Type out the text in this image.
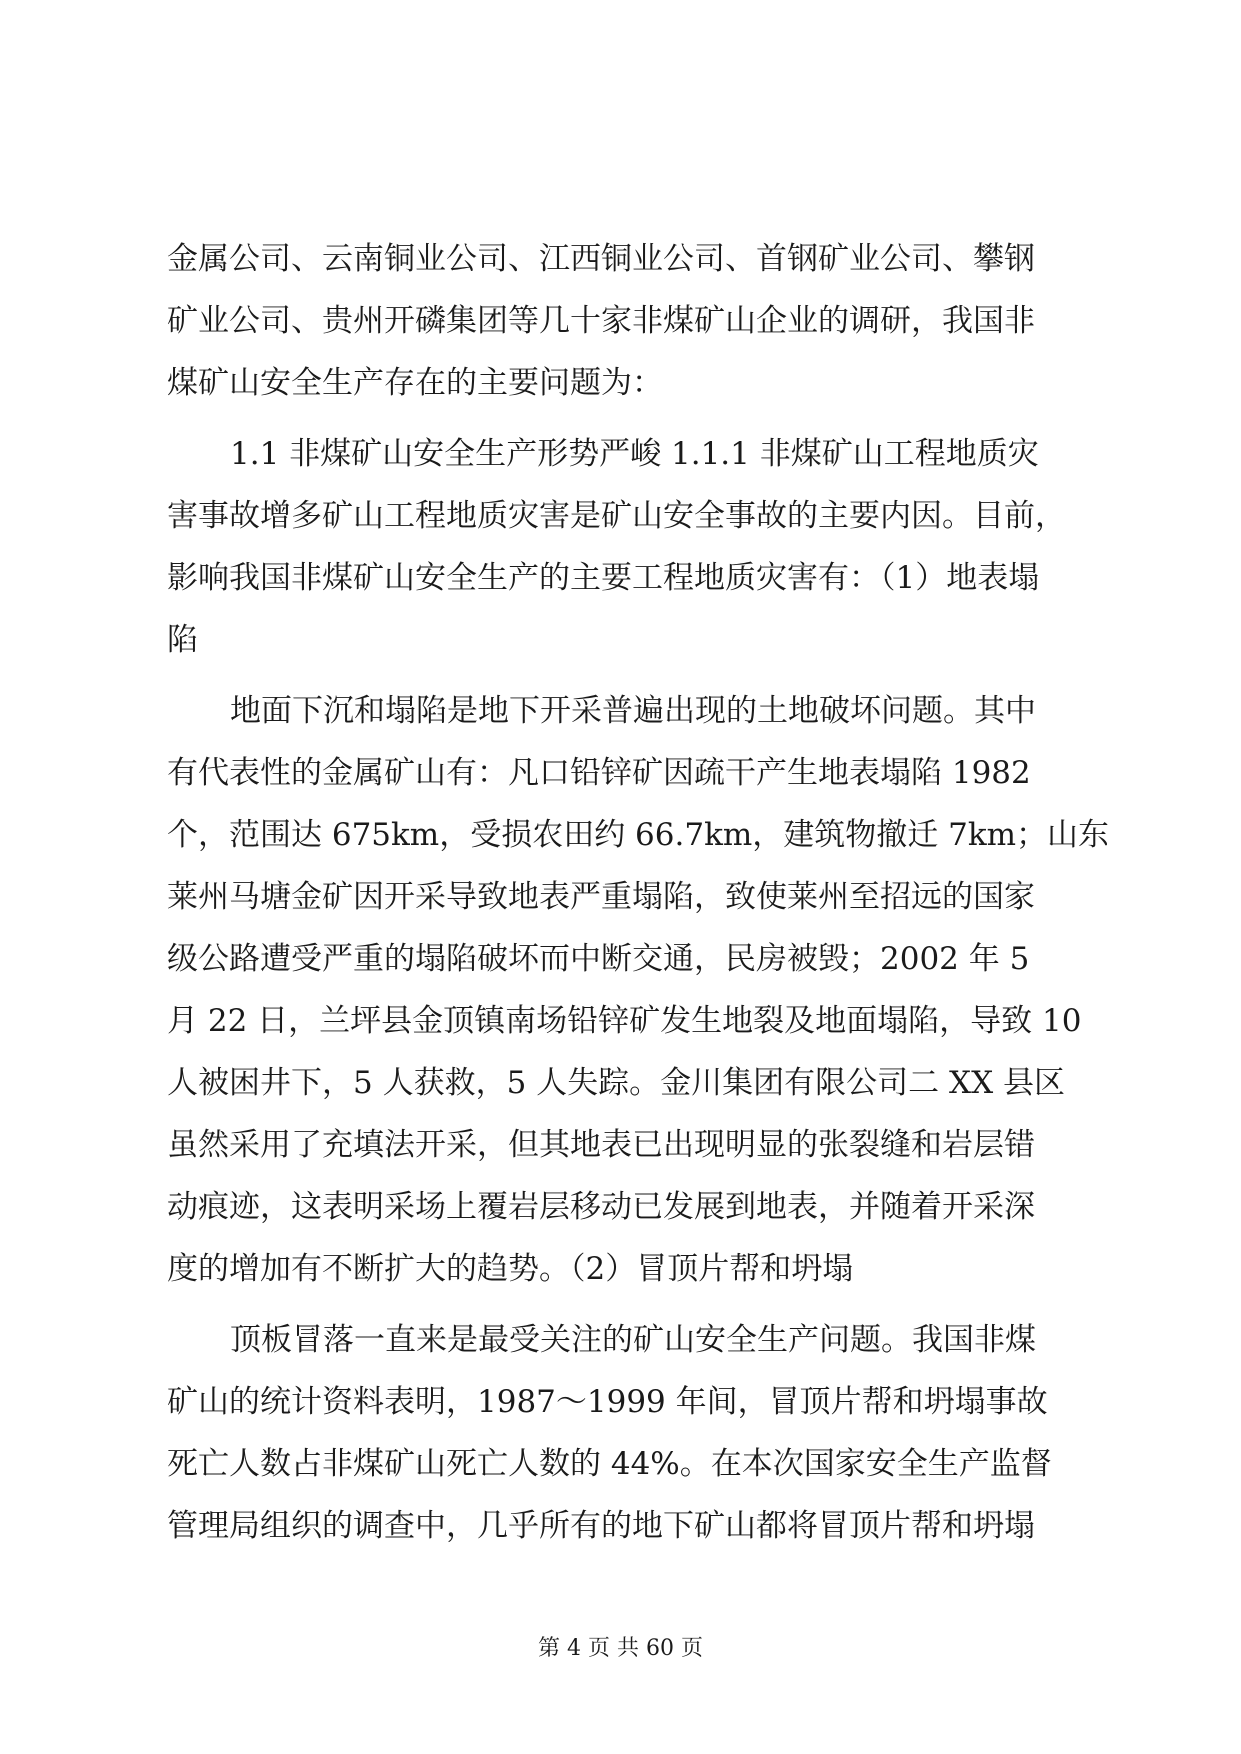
金属公司、云南铜业公司、江西铜业公司、首钢矿业公司、攀钢
矿业公司、贵州开磷集团等几十家非煤矿山企业的调研，我国非
煤矿山安全生产存在的主要问题为：
1.1 非煤矿山安全生产形势严峻 1.1.1 非煤矿山工程地质灾
害事故增多矿山工程地质灾害是矿山安全事故的主要内因。目前，
影响我国非煤矿山安全生产的主要工程地质灾害有：（1）地表塌
陷
地面下沉和塌陷是地下开采普遍出现的土地破坏问题。其中
有代表性的金属矿山有：凡口铅锌矿因疏干产生地表塌陷 1982
个，范围达 675km，受损农田约 66.7km，建筑物撤迁 7km；山东
莱州马塘金矿因开采导致地表严重塌陷，致使莱州至招远的国家
级公路遭受严重的塌陷破坏而中断交通，民房被毁；2002 年 5
月 22 日，兰坪县金顶镇南场铅锌矿发生地裂及地面塌陷，导致 10
人被困井下，5 人获救，5 人失踪。金川集团有限公司二 XX 县区
虽然采用了充填法开采，但其地表已出现明显的张裂缝和岩层错
动痕迹，这表明采场上覆岩层移动已发展到地表，并随着开采深
度的增加有不断扩大的趋势。（2）冒顶片帮和坍塌
顶板冒落一直来是最受关注的矿山安全生产问题。我国非煤
矿山的统计资料表明，1987～1999 年间，冒顶片帮和坍塌事故
死亡人数占非煤矿山死亡人数的 44%。在本次国家安全生产监督
管理局组织的调查中，几乎所有的地下矿山都将冒顶片帮和坍塌
第 4 页 共 60 页
